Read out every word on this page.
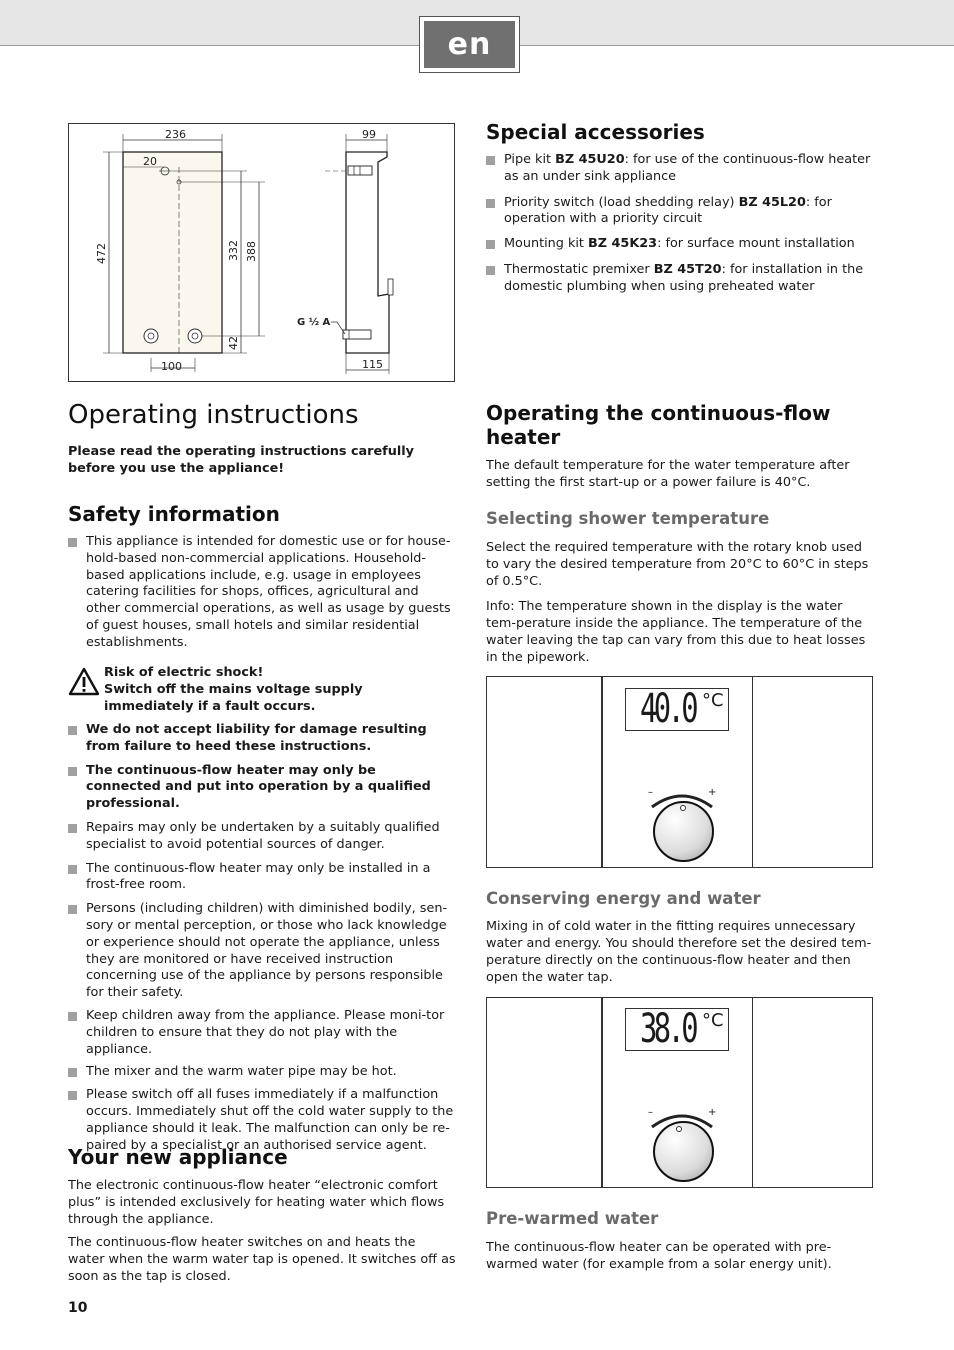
en
236
20
472	332 388
42
100
99
G ½ A
115
Operating instructions

Please read the operating instructions carefully before you use the appliance!

Safety information
This appliance is intended for domestic use or for house-hold-based non-commercial applications. Household-based applications include, e.g. usage in employees catering facilities for shops, offices, agricultural and other commercial operations, as well as usage by guests of guest houses, small hotels and similar residential establishments.
Risk of electric shock!
Switch off the mains voltage supply immediately if a fault occurs.
We do not accept liability for damage resulting from failure to heed these instructions.
The continuous-flow heater may only be connected and put into operation by a qualified professional.
Repairs may only be undertaken by a suitably qualified specialist to avoid potential sources of danger.
The continuous-flow heater may only be installed in a frost-free room.
Persons (including children) with diminished bodily, sen-sory or mental perception, or those who lack knowledge or experience should not operate the appliance, unless they are monitored or have received instruction concerning use of the appliance by persons responsible for their safety.
Keep children away from the appliance. Please moni-tor children to ensure that they do not play with the appliance.
The mixer and the warm water pipe may be hot.
Please switch off all fuses immediately if a malfunction occurs. Immediately shut off the cold water supply to the appliance should it leak. The malfunction can only be re-paired by a specialist or an authorised service agent.
Your new appliance

The electronic continuous-flow heater “electronic comfort plus” is intended exclusively for heating water which flows through the appliance.

The continuous-flow heater switches on and heats the water when the warm water tap is opened. It switches off as soon as the tap is closed.

10
Special accessories
Pipe kit BZ 45U20: for use of the continuous-flow heater as an under sink appliance
Priority switch (load shedding relay) BZ 45L20: for operation with a priority circuit
Mounting kit BZ 45K23: for surface mount installation
Thermostatic premixer BZ 45T20: for installation in the domestic plumbing when using preheated water
Operating the continuous-flow heater

The default temperature for the water temperature after setting the first start-up or a power failure is 40°C.

Selecting shower temperature

Select the required temperature with the rotary knob used to vary the desired temperature from 20°C to 60°C in steps of 0.5°C.

Info: The temperature shown in the display is the water tem-perature inside the appliance. The temperature of the water leaving the tap can vary from this due to heat losses in the pipework.

40.0 °C
–	+
Conserving energy and water

Mixing in of cold water in the fitting requires unnecessary water and energy. You should therefore set the desired tem-perature directly on the continuous-flow heater and then open the water tap.

38.0 °C
–	+
Pre-warmed water

The continuous-flow heater can be operated with pre-warmed water (for example from a solar energy unit).
